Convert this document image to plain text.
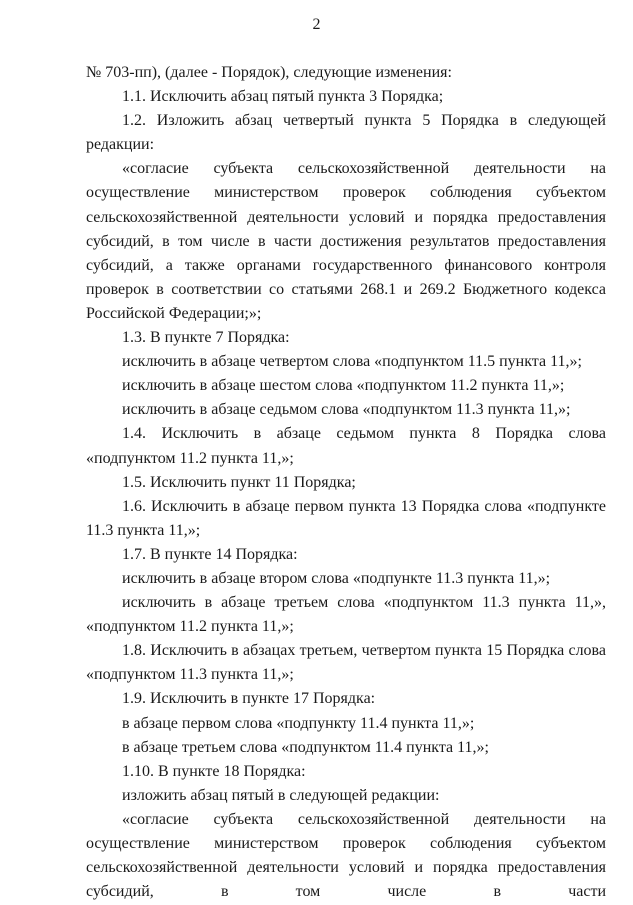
2

№ 703-пп), (далее - Порядок), следующие изменения:

1.1. Исключить абзац пятый пункта 3 Порядка;

1.2. Изложить абзац четвертый пункта 5 Порядка в следующей редакции:

«согласие субъекта сельскохозяйственной деятельности на осуществление министерством проверок соблюдения субъектом сельскохозяйственной деятельности условий и порядка предоставления субсидий, в том числе в части достижения результатов предоставления субсидий, а также органами государственного финансового контроля проверок в соответствии со статьями 268.1 и 269.2 Бюджетного кодекса Российской Федерации;»;

1.3. В пункте 7 Порядка:

исключить в абзаце четвертом слова «подпунктом 11.5 пункта 11,»;

исключить в абзаце шестом слова «подпунктом 11.2 пункта 11,»;

исключить в абзаце седьмом слова «подпунктом 11.3 пункта 11,»;

1.4. Исключить в абзаце седьмом пункта 8 Порядка слова «подпунктом 11.2 пункта 11,»;

1.5. Исключить пункт 11 Порядка;

1.6. Исключить в абзаце первом пункта 13 Порядка слова «подпункте 11.3 пункта 11,»;

1.7. В пункте 14 Порядка:

исключить в абзаце втором слова «подпункте 11.3 пункта 11,»;

исключить в абзаце третьем слова «подпунктом 11.3 пункта 11,», «подпунктом 11.2 пункта 11,»;

1.8. Исключить в абзацах третьем, четвертом пункта 15 Порядка слова «подпунктом 11.3 пункта 11,»;

1.9. Исключить в пункте 17 Порядка:

в абзаце первом слова «подпункту 11.4 пункта 11,»;

в абзаце третьем слова «подпунктом 11.4 пункта 11,»;

1.10. В пункте 18 Порядка:

изложить абзац пятый в следующей редакции:

«согласие субъекта сельскохозяйственной деятельности на осуществление министерством проверок соблюдения субъектом сельскохозяйственной деятельности условий и порядка предоставления субсидий, в том числе в части
